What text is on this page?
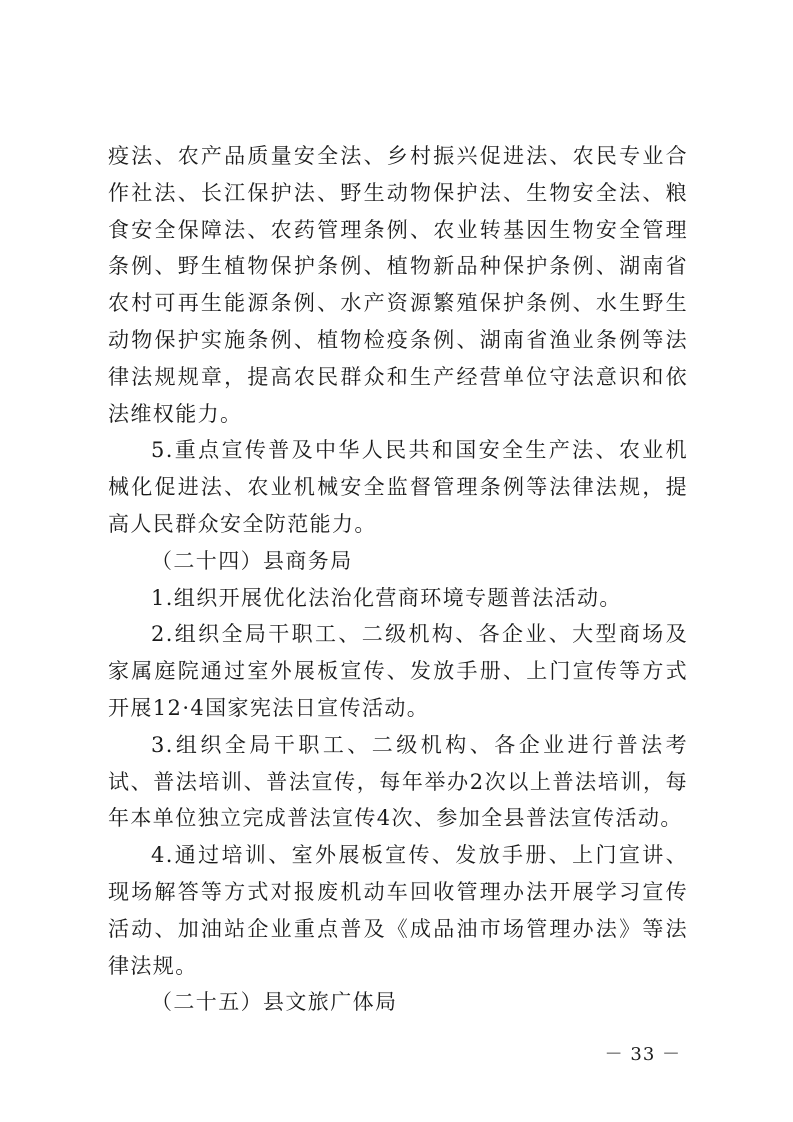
疫法、农产品质量安全法、乡村振兴促进法、农民专业合作社法、长江保护法、野生动物保护法、生物安全法、粮食安全保障法、农药管理条例、农业转基因生物安全管理条例、野生植物保护条例、植物新品种保护条例、湖南省农村可再生能源条例、水产资源繁殖保护条例、水生野生动物保护实施条例、植物检疫条例、湖南省渔业条例等法律法规规章，提高农民群众和生产经营单位守法意识和依法维权能力。

5.重点宣传普及中华人民共和国安全生产法、农业机械化促进法、农业机械安全监督管理条例等法律法规，提高人民群众安全防范能力。

（二十四）县商务局

1.组织开展优化法治化营商环境专题普法活动。

2.组织全局干职工、二级机构、各企业、大型商场及家属庭院通过室外展板宣传、发放手册、上门宣传等方式开展12·4国家宪法日宣传活动。

3.组织全局干职工、二级机构、各企业进行普法考试、普法培训、普法宣传，每年举办2次以上普法培训，每年本单位独立完成普法宣传4次、参加全县普法宣传活动。

4.通过培训、室外展板宣传、发放手册、上门宣讲、现场解答等方式对报废机动车回收管理办法开展学习宣传活动、加油站企业重点普及《成品油市场管理办法》等法律法规。

（二十五）县文旅广体局

－ 33 －
